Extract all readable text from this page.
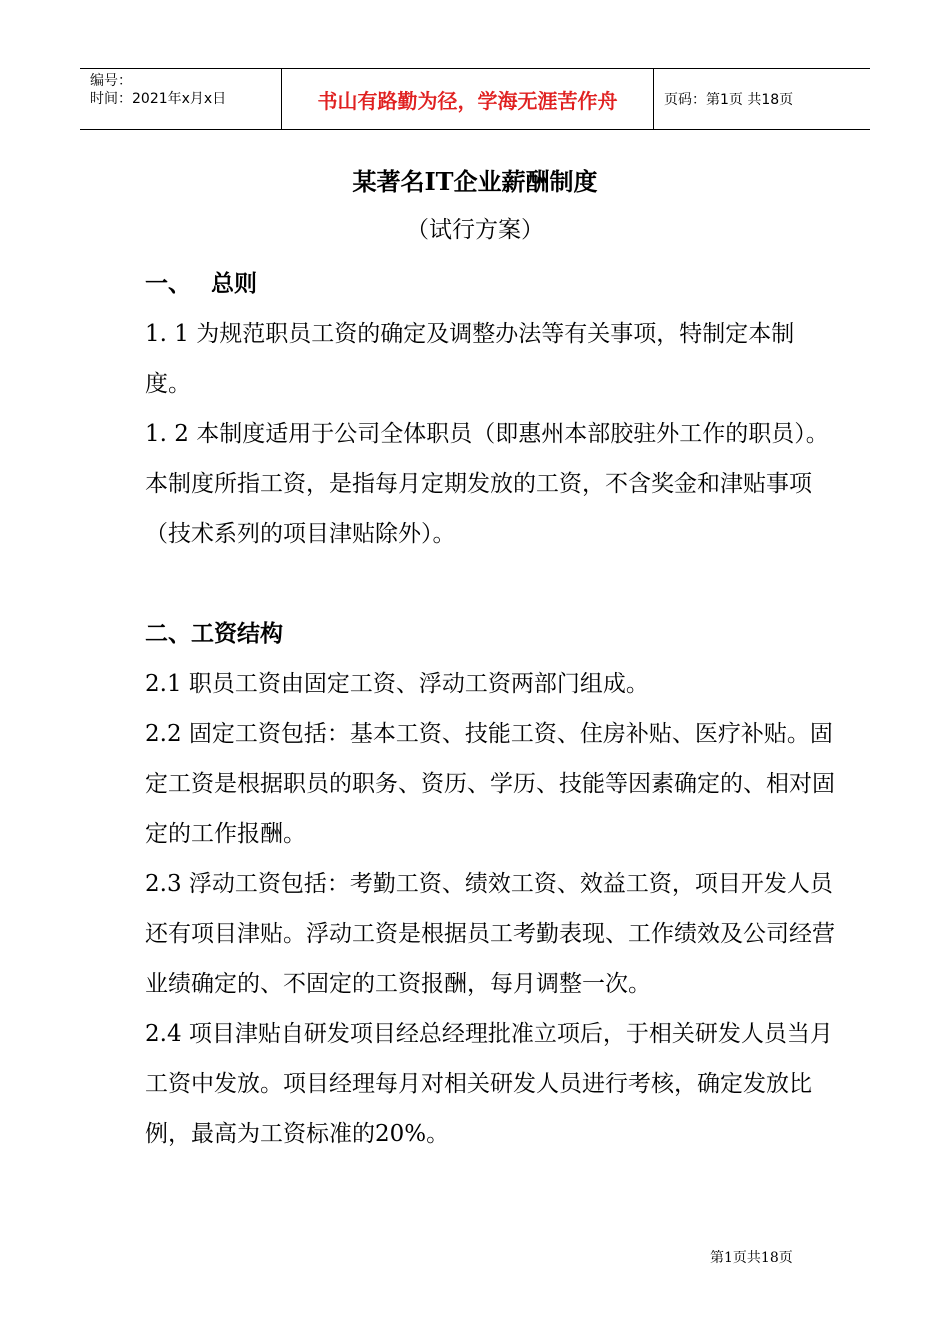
编号：
时间：2021年x月x日	书山有路勤为径，学海无涯苦作舟	页码：第1页 共18页
某著名IT企业薪酬制度
（试行方案）

一、 总则

1. 1 为规范职员工资的确定及调整办法等有关事项，特制定本制度。

1. 2 本制度适用于公司全体职员（即惠州本部胶驻外工作的职员）。本制度所指工资，是指每月定期发放的工资，不含奖金和津贴事项（技术系列的项目津贴除外）。

二、工资结构

2.1 职员工资由固定工资、浮动工资两部门组成。

2.2 固定工资包括：基本工资、技能工资、住房补贴、医疗补贴。固定工资是根据职员的职务、资历、学历、技能等因素确定的、相对固定的工作报酬。

2.3 浮动工资包括：考勤工资、绩效工资、效益工资，项目开发人员还有项目津贴。浮动工资是根据员工考勤表现、工作绩效及公司经营业绩确定的、不固定的工资报酬，每月调整一次。

2.4 项目津贴自研发项目经总经理批准立项后，于相关研发人员当月工资中发放。项目经理每月对相关研发人员进行考核，确定发放比例，最高为工资标准的20%。

第1页共18页
